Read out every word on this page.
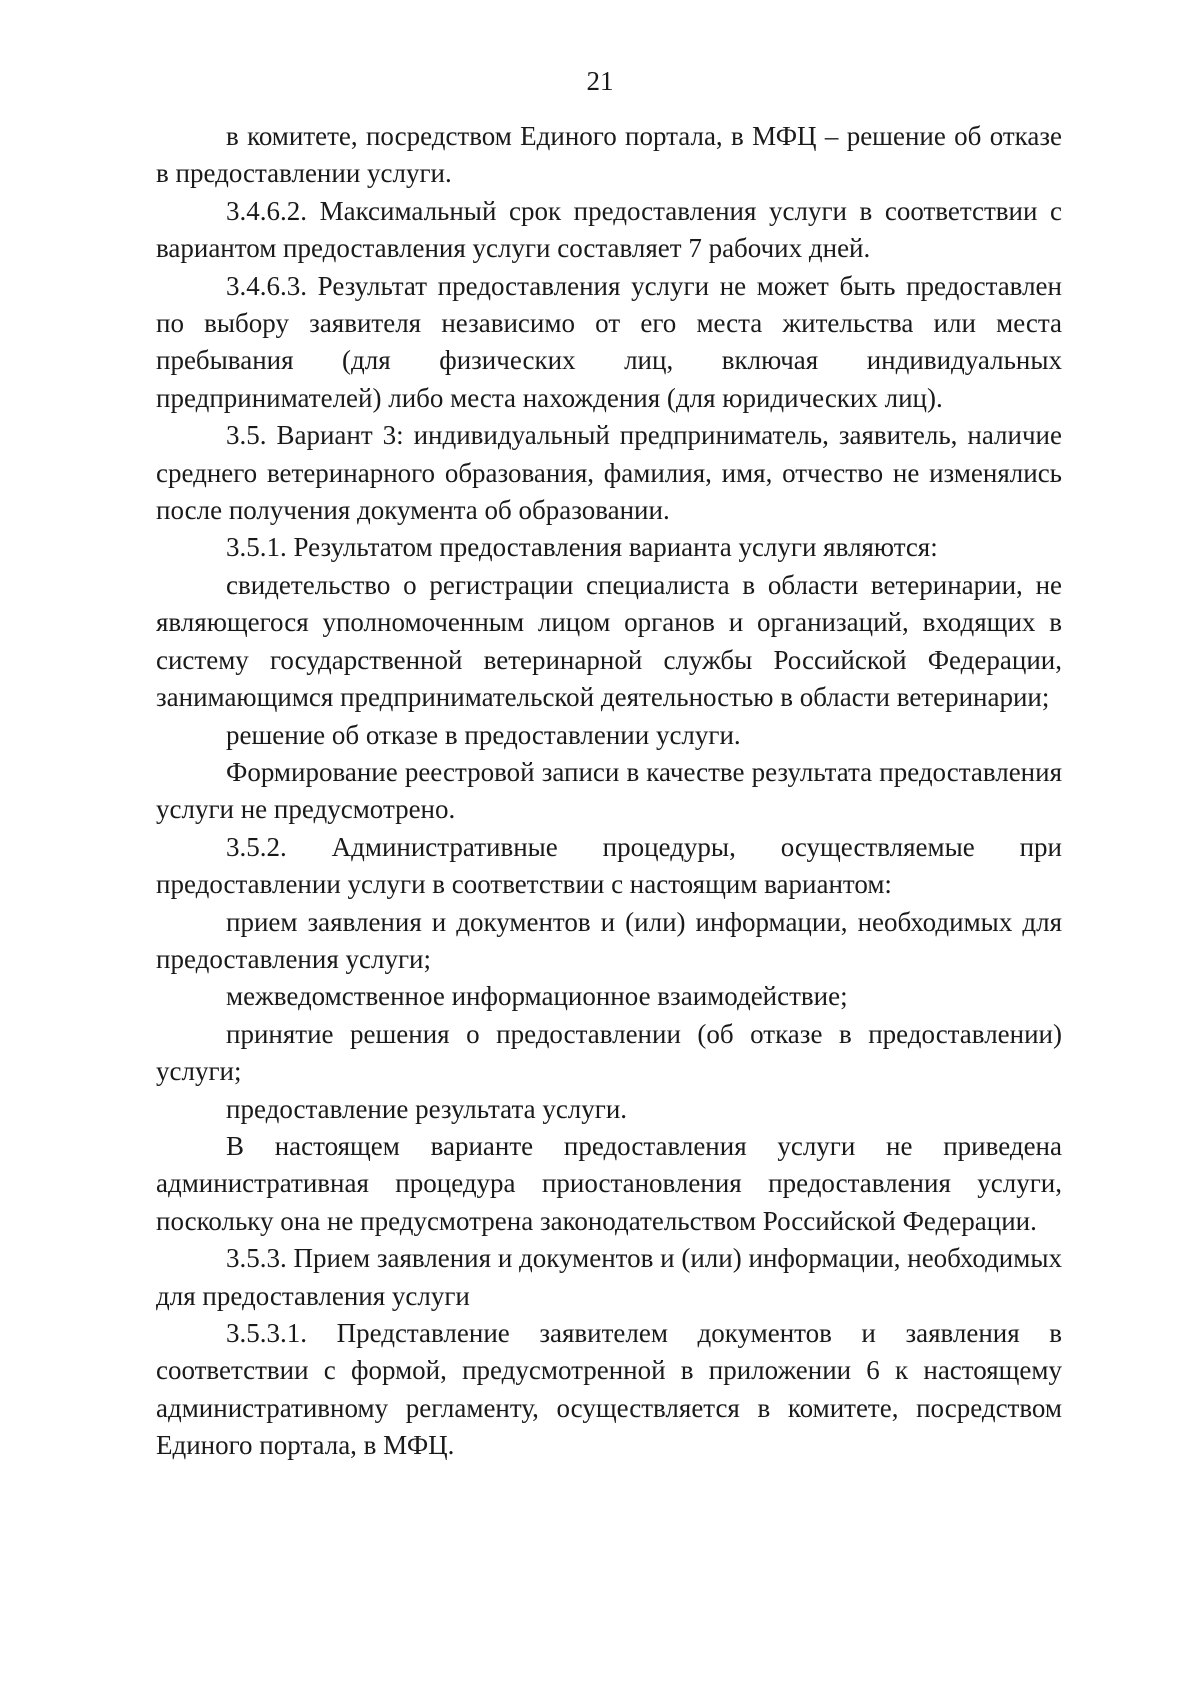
21

в комитете, посредством Единого портала, в МФЦ – решение об отказе в предоставлении услуги.

3.4.6.2. Максимальный срок предоставления услуги в соответствии с вариантом предоставления услуги составляет 7 рабочих дней.

3.4.6.3. Результат предоставления услуги не может быть предоставлен по выбору заявителя независимо от его места жительства или места пребывания (для физических лиц, включая индивидуальных предпринимателей) либо места нахождения (для юридических лиц).

3.5. Вариант 3: индивидуальный предприниматель, заявитель, наличие среднего ветеринарного образования, фамилия, имя, отчество не изменялись после получения документа об образовании.

3.5.1. Результатом предоставления варианта услуги являются:

свидетельство о регистрации специалиста в области ветеринарии, не являющегося уполномоченным лицом органов и организаций, входящих в систему государственной ветеринарной службы Российской Федерации, занимающимся предпринимательской деятельностью в области ветеринарии;

решение об отказе в предоставлении услуги.

Формирование реестровой записи в качестве результата предоставления услуги не предусмотрено.

3.5.2. Административные процедуры, осуществляемые при предоставлении услуги в соответствии с настоящим вариантом:

прием заявления и документов и (или) информации, необходимых для предоставления услуги;

межведомственное информационное взаимодействие;

принятие решения о предоставлении (об отказе в предоставлении) услуги;

предоставление результата услуги.

В настоящем варианте предоставления услуги не приведена административная процедура приостановления предоставления услуги, поскольку она не предусмотрена законодательством Российской Федерации.

3.5.3. Прием заявления и документов и (или) информации, необходимых для предоставления услуги

3.5.3.1. Представление заявителем документов и заявления в соответствии с формой, предусмотренной в приложении 6 к настоящему административному регламенту, осуществляется в комитете, посредством Единого портала, в МФЦ.
